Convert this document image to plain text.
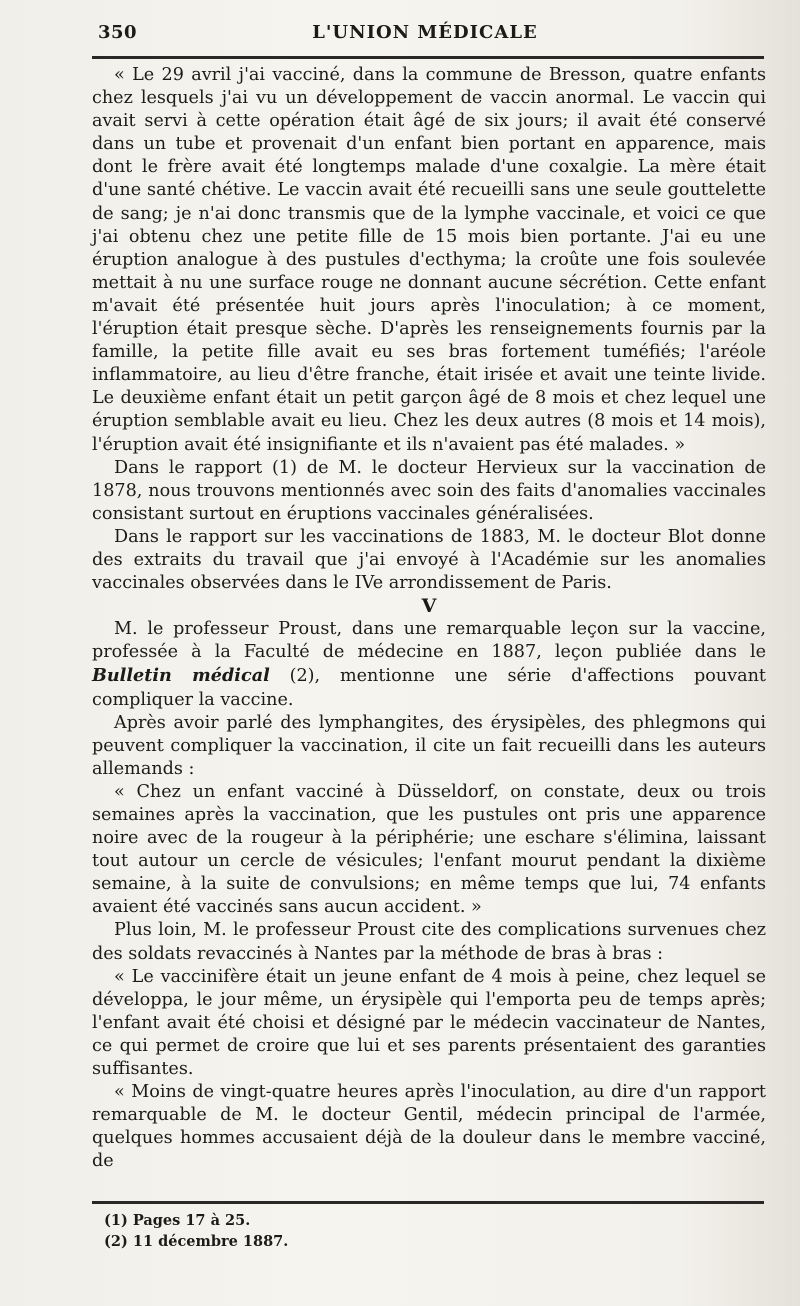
350	L'UNION MÉDICALE

« Le 29 avril j'ai vacciné, dans la commune de Bresson, quatre enfants chez lesquels j'ai vu un développement de vaccin anormal. Le vaccin qui avait servi à cette opération était âgé de six jours; il avait été conservé dans un tube et provenait d'un enfant bien portant en apparence, mais dont le frère avait été longtemps malade d'une coxalgie. La mère était d'une santé chétive. Le vaccin avait été recueilli sans une seule gouttelette de sang; je n'ai donc transmis que de la lymphe vaccinale, et voici ce que j'ai obtenu chez une petite fille de 15 mois bien portante. J'ai eu une éruption analogue à des pustules d'ecthyma; la croûte une fois soulevée mettait à nu une surface rouge ne donnant aucune sécrétion. Cette enfant m'avait été présentée huit jours après l'inoculation; à ce moment, l'éruption était presque sèche. D'après les renseignements fournis par la famille, la petite fille avait eu ses bras fortement tuméfiés; l'aréole inflammatoire, au lieu d'être franche, était irisée et avait une teinte livide. Le deuxième enfant était un petit garçon âgé de 8 mois et chez lequel une éruption semblable avait eu lieu. Chez les deux autres (8 mois et 14 mois), l'éruption avait été insignifiante et ils n'avaient pas été malades. »

Dans le rapport (1) de M. le docteur Hervieux sur la vaccination de 1878, nous trouvons mentionnés avec soin des faits d'anomalies vaccinales consistant surtout en éruptions vaccinales généralisées.

Dans le rapport sur les vaccinations de 1883, M. le docteur Blot donne des extraits du travail que j'ai envoyé à l'Académie sur les anomalies vaccinales observées dans le IVe arrondissement de Paris.

V

M. le professeur Proust, dans une remarquable leçon sur la vaccine, professée à la Faculté de médecine en 1887, leçon publiée dans le Bulletin médical (2), mentionne une série d'affections pouvant compliquer la vaccine.

Après avoir parlé des lymphangites, des érysipèles, des phlegmons qui peuvent compliquer la vaccination, il cite un fait recueilli dans les auteurs allemands :

« Chez un enfant vacciné à Düsseldorf, on constate, deux ou trois semaines après la vaccination, que les pustules ont pris une apparence noire avec de la rougeur à la périphérie; une eschare s'élimina, laissant tout autour un cercle de vésicules; l'enfant mourut pendant la dixième semaine, à la suite de convulsions; en même temps que lui, 74 enfants avaient été vaccinés sans aucun accident. »

Plus loin, M. le professeur Proust cite des complications survenues chez des soldats revaccinés à Nantes par la méthode de bras à bras :

« Le vaccinifère était un jeune enfant de 4 mois à peine, chez lequel se développa, le jour même, un érysipèle qui l'emporta peu de temps après; l'enfant avait été choisi et désigné par le médecin vaccinateur de Nantes, ce qui permet de croire que lui et ses parents présentaient des garanties suffisantes.

« Moins de vingt-quatre heures après l'inoculation, au dire d'un rapport remarquable de M. le docteur Gentil, médecin principal de l'armée, quelques hommes accusaient déjà de la douleur dans le membre vacciné, de

(1) Pages 17 à 25.
(2) 11 décembre 1887.
